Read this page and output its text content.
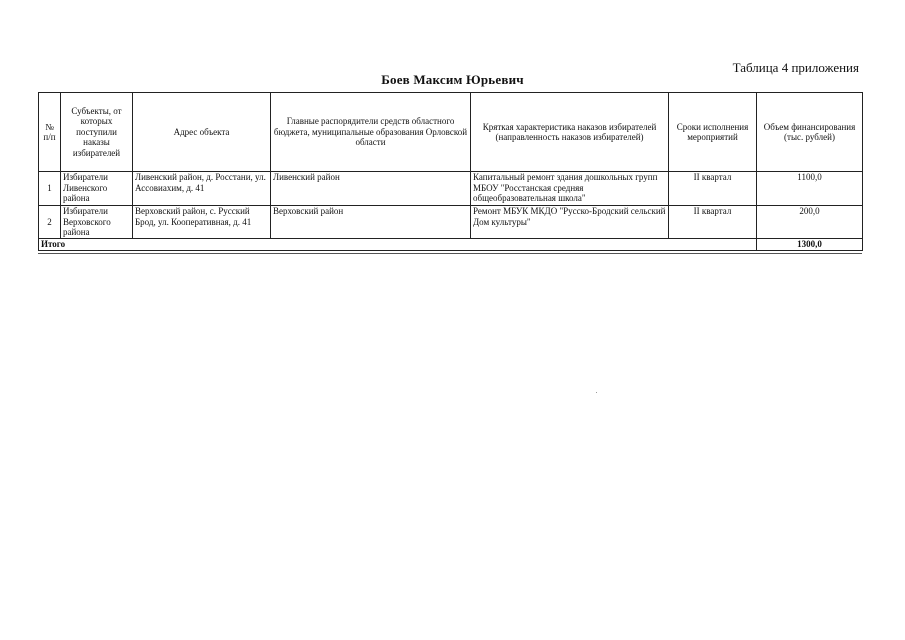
Таблица 4 приложения
Боев Максим Юрьевич
№ п/п	Субъекты, от которых поступили наказы избирателей	Адрес объекта	Главные распорядители средств областного бюджета, муниципальные образования Орловской области	Кряткая характеристика наказов избирателей (направленность наказов избирателей)	Сроки исполнения мероприятий	Объем финансирования (тыс. рублей)
1	Избиратели Ливенского района	Ливенский район, д. Росстани, ул. Ассовиахим, д. 41	Ливенский район	Капитальный ремонт здания дошкольных групп МБОУ "Росстанская средняя общеобразовательная школа"	II квартал	1100,0
2	Избиратели Верховского района	Верховский район, с. Русский Брод, ул. Кооперативная, д. 41	Верховский район	Ремонт МБУК МКДО "Русско-Бродский сельский Дом культуры"	II квартал	200,0
Итого						1300,0
